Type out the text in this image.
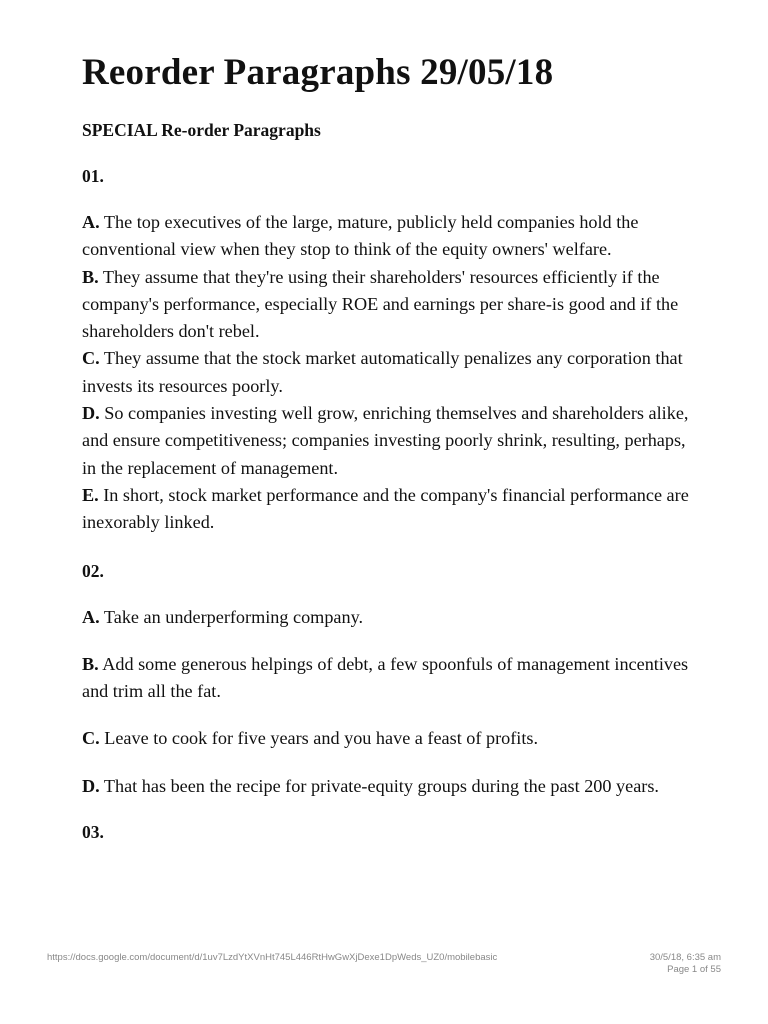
Reorder Paragraphs 29/05/18
SPECIAL Re-order Paragraphs
01.
A. The top executives of the large, mature, publicly held companies hold the conventional view when they stop to think of the equity owners' welfare.
B. They assume that they're using their shareholders' resources efficiently if the company's performance, especially ROE and earnings per share-is good and if the shareholders don't rebel.
C. They assume that the stock market automatically penalizes any corporation that invests its resources poorly.
D. So companies investing well grow, enriching themselves and shareholders alike, and ensure competitiveness; companies investing poorly shrink, resulting, perhaps, in the replacement of management.
E. In short, stock market performance and the company's financial performance are inexorably linked.
02.
A. Take an underperforming company.
B. Add some generous helpings of debt, a few spoonfuls of management incentives and trim all the fat.
C. Leave to cook for five years and you have a feast of profits.
D. That has been the recipe for private-equity groups during the past 200 years.
03.
https://docs.google.com/document/d/1uv7LzdYtXVnHt745L446RtHwGwXjDexe1DpWeds_UZ0/mobilebasic	30/5/18, 6:35 am
Page 1 of 55
